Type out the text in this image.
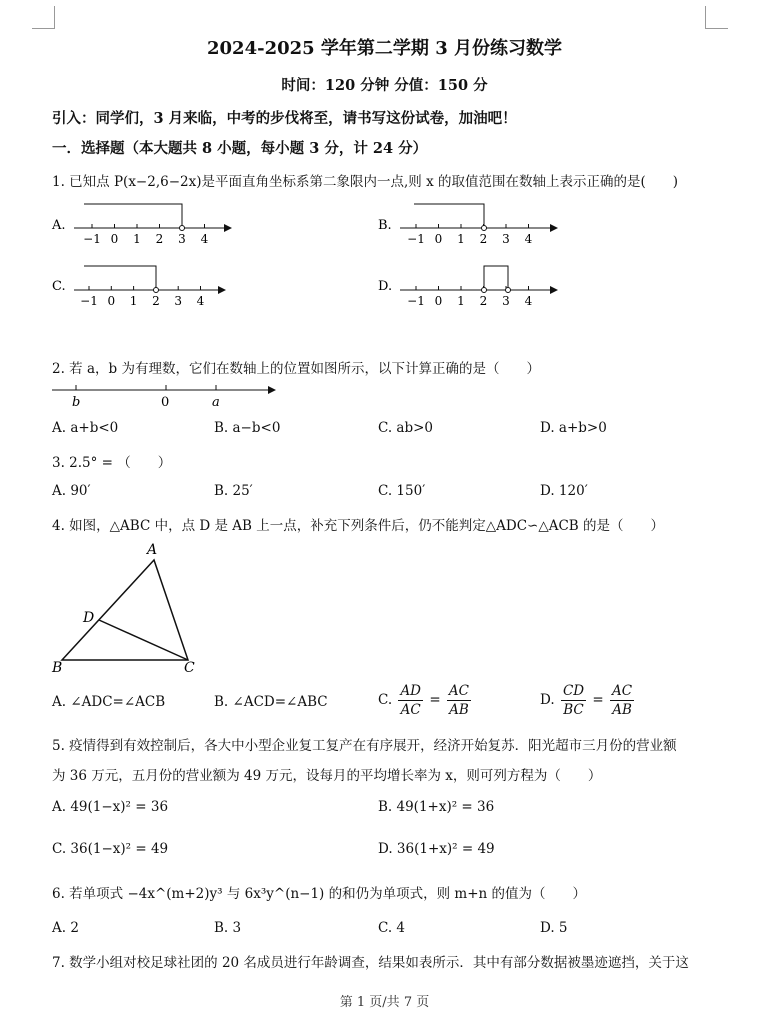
2024-2025 学年第二学期 3 月份练习数学
时间：120 分钟 分值：150 分
引入：同学们，3 月来临，中考的步伐将至，请书写这份试卷，加油吧！
一．选择题（本大题共 8 小题，每小题 3 分，计 24 分）
1. 已知点 P(x−2,6−2x)是平面直角坐标系第二象限内一点,则 x 的取值范围在数轴上表示正确的是(　　)
A.
−1 0 1 2 3 4
B.
−1 0 1 2 3 4
C.
−1 0 1 2 3 4
D.
−1 0 1 2 3 4
2. 若 a，b 为有理数，它们在数轴上的位置如图所示，以下计算正确的是（　　）
b	0	a
A. a+b<0	B. a−b<0	C. ab>0	D. a+b>0
3. 2.5° = （　　）
A. 90′	B. 25′	C. 150′	D. 120′
4. 如图，△ABC 中，点 D 是 AB 上一点，补充下列条件后，仍不能判定△ADC∽△ACB 的是（　　）
A
B	C
D
A. ∠ADC=∠ACB	B. ∠ACD=∠ABC	C. $\frac{AD}{AC} = \frac{AC}{AB}$	D. $\frac{CD}{BC} = \frac{AC}{AB}$
5. 疫情得到有效控制后，各大中小型企业复工复产在有序展开，经济开始复苏．阳光超市三月份的营业额
为 36 万元，五月份的营业额为 49 万元，设每月的平均增长率为 x，则可列方程为（　　）
A. 49(1−x)² = 36	B. 49(1+x)² = 36
C. 36(1−x)² = 49	D. 36(1+x)² = 49
6. 若单项式 −4x^(m+2)y³ 与 6x³y^(n−1) 的和仍为单项式，则 m+n 的值为（　　）
A. 2	B. 3	C. 4	D. 5
7. 数学小组对校足球社团的 20 名成员进行年龄调查，结果如表所示．其中有部分数据被墨迹遮挡，关于这
第 1 页/共 7 页
